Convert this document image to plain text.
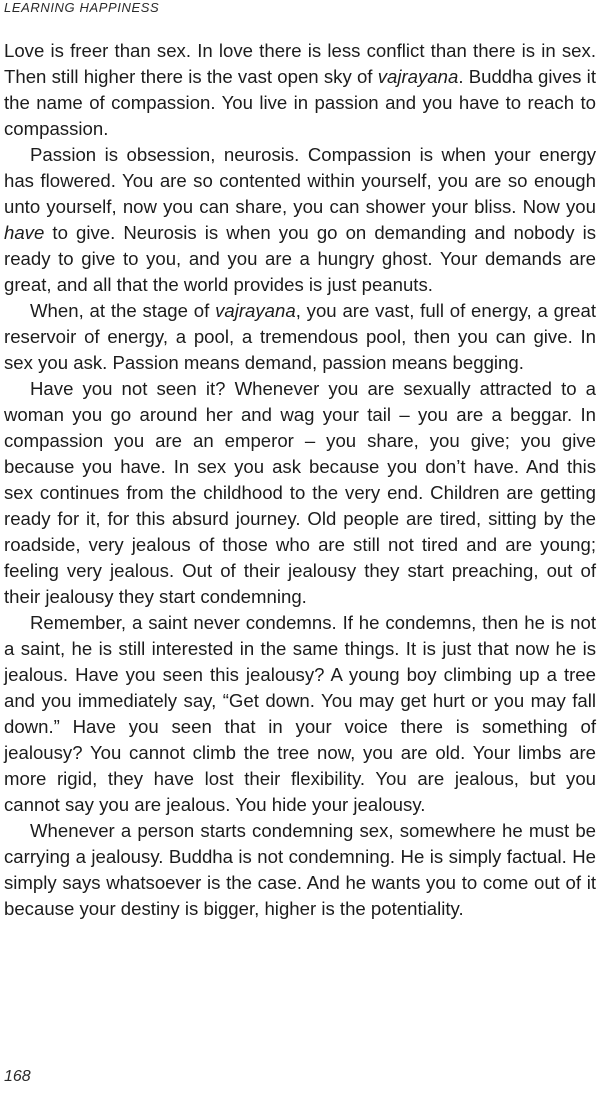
LEARNING HAPPINESS

Love is freer than sex. In love there is less conflict than there is in sex. Then still higher there is the vast open sky of vajrayana. Buddha gives it the name of compassion. You live in passion and you have to reach to compassion.

Passion is obsession, neurosis. Compassion is when your energy has flowered. You are so contented within yourself, you are so enough unto yourself, now you can share, you can shower your bliss. Now you have to give. Neurosis is when you go on demanding and nobody is ready to give to you, and you are a hungry ghost. Your demands are great, and all that the world provides is just peanuts.

When, at the stage of vajrayana, you are vast, full of energy, a great reservoir of energy, a pool, a tremendous pool, then you can give. In sex you ask. Passion means demand, passion means begging.

Have you not seen it? Whenever you are sexually attracted to a woman you go around her and wag your tail – you are a beggar. In compassion you are an emperor – you share, you give; you give because you have. In sex you ask because you don’t have. And this sex continues from the childhood to the very end. Children are getting ready for it, for this absurd journey. Old people are tired, sitting by the roadside, very jealous of those who are still not tired and are young; feeling very jealous. Out of their jealousy they start preaching, out of their jealousy they start condemning.

Remember, a saint never condemns. If he condemns, then he is not a saint, he is still interested in the same things. It is just that now he is jealous. Have you seen this jealousy? A young boy climbing up a tree and you immediately say, “Get down. You may get hurt or you may fall down.” Have you seen that in your voice there is something of jealousy? You cannot climb the tree now, you are old. Your limbs are more rigid, they have lost their flexibility. You are jealous, but you cannot say you are jealous. You hide your jealousy.

Whenever a person starts condemning sex, somewhere he must be carrying a jealousy. Buddha is not condemning. He is simply factual. He simply says whatsoever is the case. And he wants you to come out of it because your destiny is bigger, higher is the potentiality.

168
